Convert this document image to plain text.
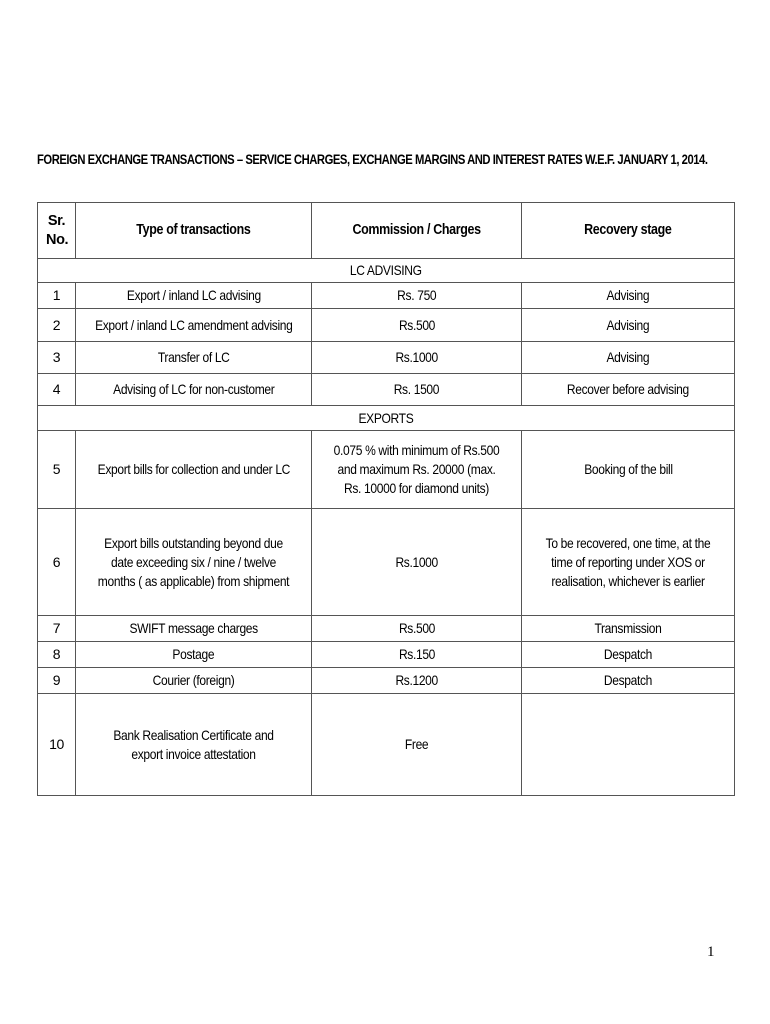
FOREIGN EXCHANGE TRANSACTIONS – SERVICE CHARGES, EXCHANGE MARGINS AND INTEREST RATES W.E.F. JANUARY 1, 2014.
Sr. No.	Type of transactions	Commission / Charges	Recovery stage
LC ADVISING			
1	Export / inland LC advising	Rs. 750	Advising
2	Export / inland LC amendment advising	Rs.500	Advising
3	Transfer of LC	Rs.1000	Advising
4	Advising of LC for non-customer	Rs. 1500	Recover before advising
EXPORTS			
5	Export bills for collection and under LC	0.075 % with minimum of Rs.500 and maximum Rs. 20000 (max. Rs. 10000 for diamond units)	Booking of the bill
6	Export bills outstanding beyond due date exceeding six / nine / twelve months ( as applicable) from shipment	Rs.1000	To be recovered, one time, at the time of reporting under XOS or realisation, whichever is earlier
7	SWIFT message charges	Rs.500	Transmission
8	Postage	Rs.150	Despatch
9	Courier (foreign)	Rs.1200	Despatch
10	Bank Realisation Certificate and export invoice attestation	Free	
1
